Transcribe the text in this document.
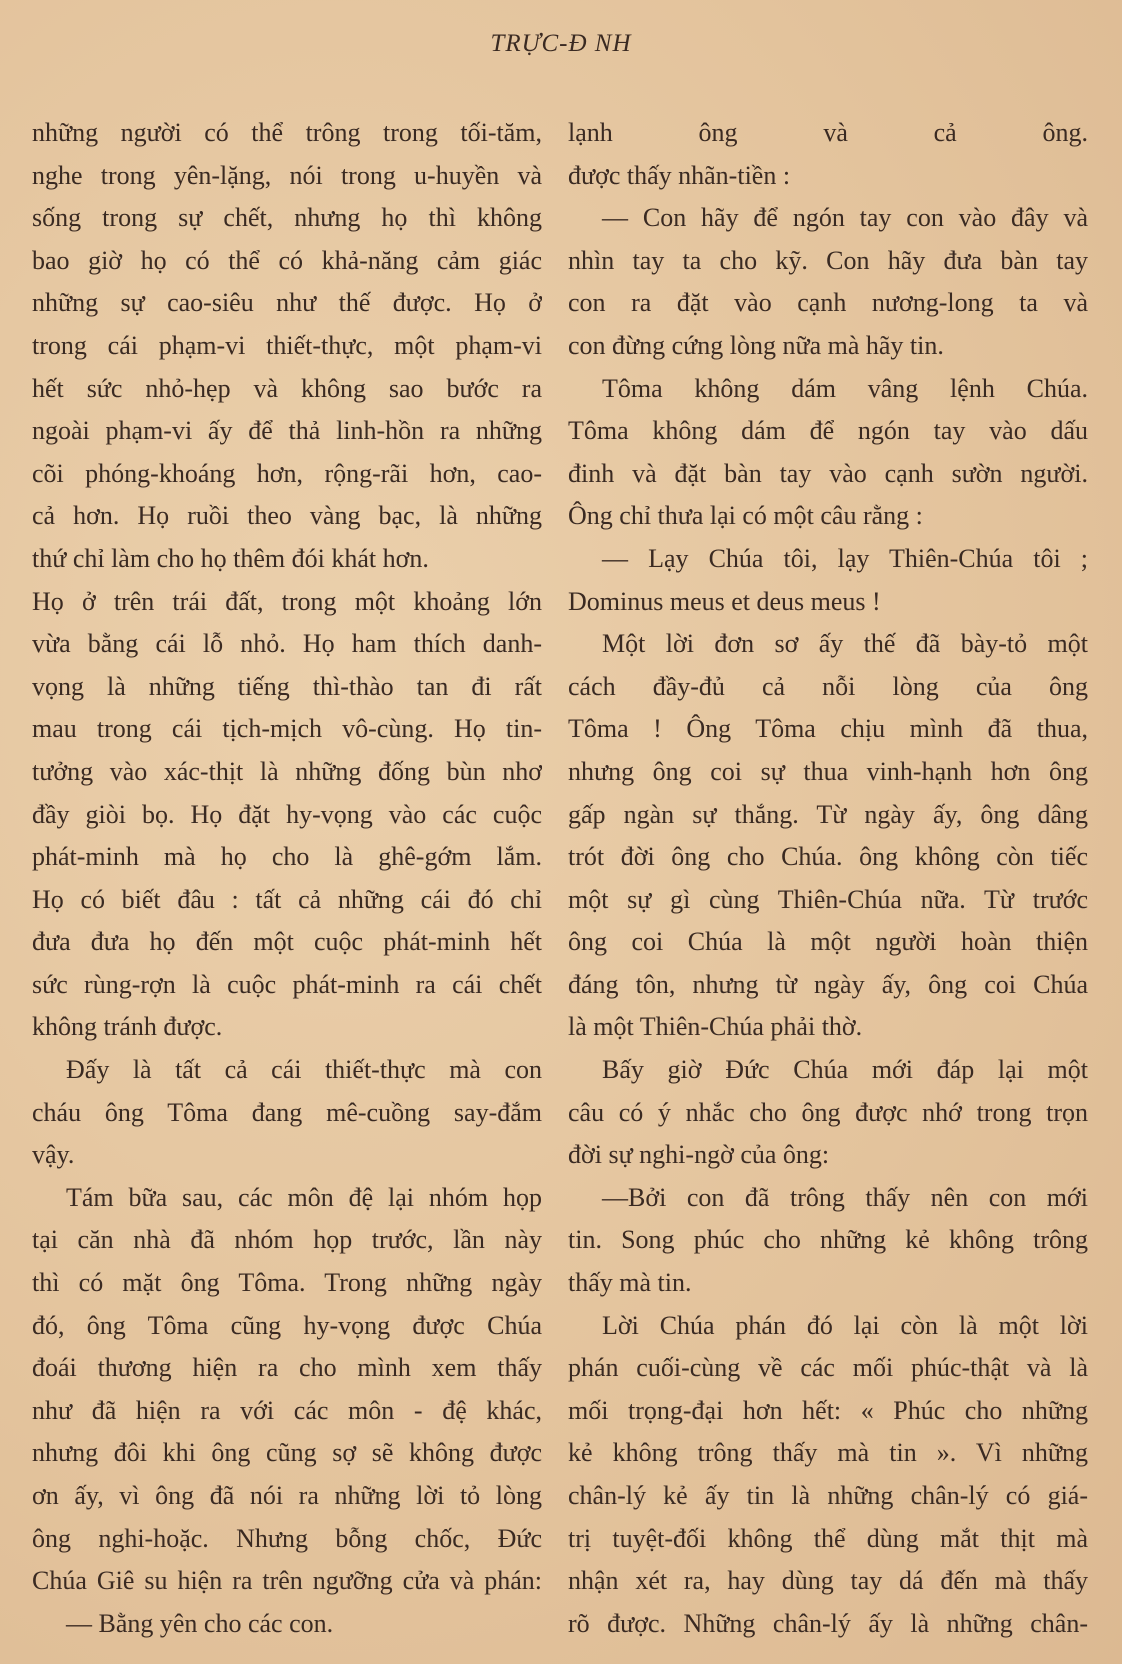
TRỰC-Đ NH
những người có thể trông trong tối-tăm,
nghe trong yên-lặng, nói trong u-huyền và
sống trong sự chết, nhưng họ thì không
bao giờ họ có thể có khả-năng cảm giác
những sự cao-siêu như thế được. Họ ở
trong cái phạm-vi thiết-thực, một phạm-vi
hết sức nhỏ-hẹp và không sao bước ra
ngoài phạm-vi ấy để thả linh-hồn ra những
cõi phóng-khoáng hơn, rộng-rãi hơn, cao-
cả hơn. Họ ruồi theo vàng bạc, là những
thứ chỉ làm cho họ thêm đói khát hơn.
Họ ở trên trái đất, trong một khoảng lớn
vừa bằng cái lỗ nhỏ. Họ ham thích danh-
vọng là những tiếng thì-thào tan đi rất
mau trong cái tịch-mịch vô-cùng. Họ tin-
tưởng vào xác-thịt là những đống bùn nhơ
đầy giòi bọ. Họ đặt hy-vọng vào các cuộc
phát-minh mà họ cho là ghê-gớm lắm.
Họ có biết đâu : tất cả những cái đó chỉ
đưa đưa họ đến một cuộc phát-minh hết
sức rùng-rợn là cuộc phát-minh ra cái chết
không tránh được.
Đấy là tất cả cái thiết-thực mà con
cháu ông Tôma đang mê-cuồng say-đắm
vậy.
Tám bữa sau, các môn đệ lại nhóm họp
tại căn nhà đã nhóm họp trước, lần này
thì có mặt ông Tôma. Trong những ngày
đó, ông Tôma cũng hy-vọng được Chúa
đoái thương hiện ra cho mình xem thấy
như đã hiện ra với các môn - đệ khác,
nhưng đôi khi ông cũng sợ sẽ không được
ơn ấy, vì ông đã nói ra những lời tỏ lòng
ông nghi-hoặc. Nhưng bỗng chốc, Đức
Chúa Giê su hiện ra trên ngưỡng cửa và phán:
— Bằng yên cho các con.
lạnh ông và cả ông.
được thấy nhãn-tiền :
— Con hãy để ngón tay con vào đây và
nhìn tay ta cho kỹ. Con hãy đưa bàn tay
con ra đặt vào cạnh nương-long ta và
con đừng cứng lòng nữa mà hãy tin.
Tôma không dám vâng lệnh Chúa.
Tôma không dám để ngón tay vào dấu
đinh và đặt bàn tay vào cạnh sườn người.
Ông chỉ thưa lại có một câu rằng :
— Lạy Chúa tôi, lạy Thiên-Chúa tôi ;
Dominus meus et deus meus !
Một lời đơn sơ ấy thế đã bày-tỏ một
cách đầy-đủ cả nỗi lòng của ông
Tôma ! Ông Tôma chịu mình đã thua,
nhưng ông coi sự thua vinh-hạnh hơn ông
gấp ngàn sự thắng. Từ ngày ấy, ông dâng
trót đời ông cho Chúa. ông không còn tiếc
một sự gì cùng Thiên-Chúa nữa. Từ trước
ông coi Chúa là một người hoàn thiện
đáng tôn, nhưng từ ngày ấy, ông coi Chúa
là một Thiên-Chúa phải thờ.
Bấy giờ Đức Chúa mới đáp lại một
câu có ý nhắc cho ông được nhớ trong trọn
đời sự nghi-ngờ của ông:
—Bởi con đã trông thấy nên con mới
tin. Song phúc cho những kẻ không trông
thấy mà tin.
Lời Chúa phán đó lại còn là một lời
phán cuối-cùng về các mối phúc-thật và là
mối trọng-đại hơn hết: « Phúc cho những
kẻ không trông thấy mà tin ». Vì những
chân-lý kẻ ấy tin là những chân-lý có giá-
trị tuyệt-đối không thể dùng mắt thịt mà
nhận xét ra, hay dùng tay dá đến mà thấy
rõ được. Những chân-lý ấy là những chân-
